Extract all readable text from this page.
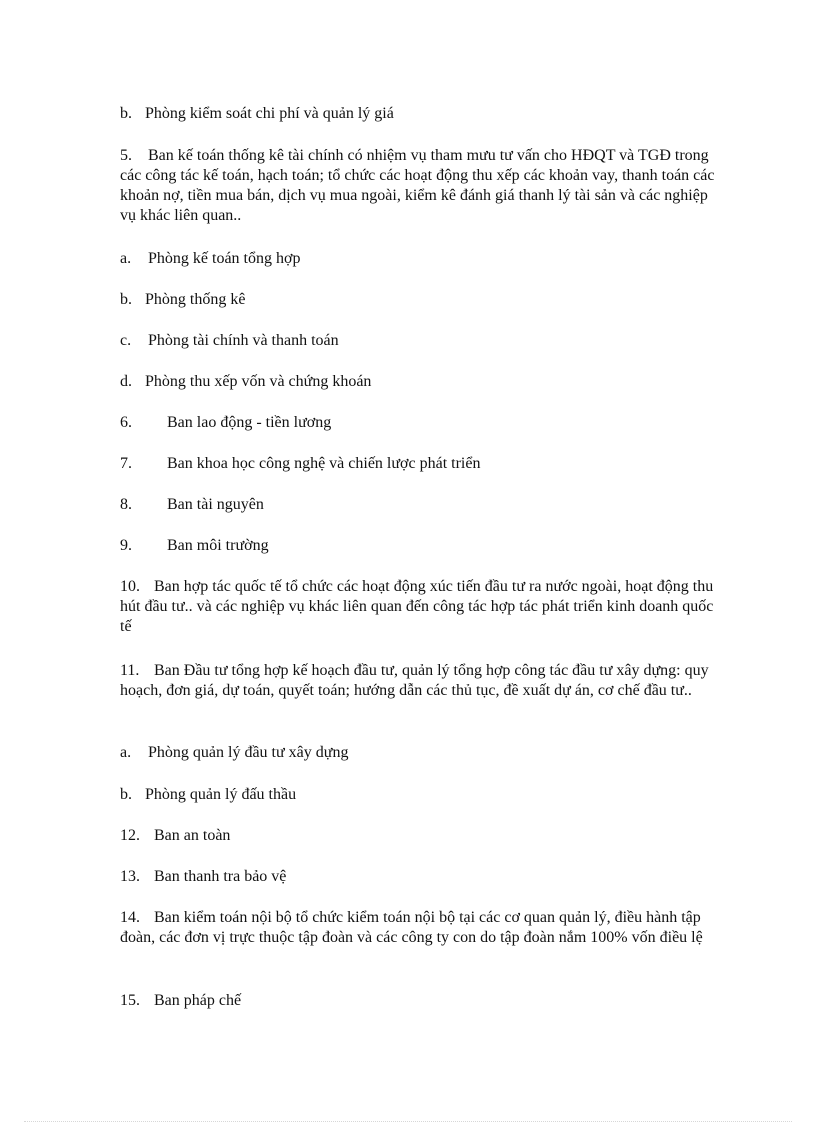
b. Phòng kiểm soát chi phí và quản lý giá

5. Ban kế toán thống kê tài chính có nhiệm vụ tham mưu tư vấn cho HĐQT và TGĐ trong các công tác kế toán, hạch toán; tổ chức các hoạt động thu xếp các khoản vay, thanh toán các khoản nợ, tiền mua bán, dịch vụ mua ngoài, kiểm kê đánh giá thanh lý tài sản và các nghiệp vụ khác liên quan..

a. Phòng kế toán tổng hợp

b. Phòng thống kê

c. Phòng tài chính và thanh toán

d. Phòng thu xếp vốn và chứng khoán

6. Ban lao động - tiền lương

7. Ban khoa học công nghệ và chiến lược phát triển

8. Ban tài nguyên

9. Ban môi trường

10. Ban hợp tác quốc tế tổ chức các hoạt động xúc tiến đầu tư ra nước ngoài, hoạt động thu hút đầu tư.. và các nghiệp vụ khác liên quan đến công tác hợp tác phát triển kinh doanh quốc tế

11. Ban Đầu tư tổng hợp kế hoạch đầu tư, quản lý tổng hợp công tác đầu tư xây dựng: quy hoạch, đơn giá, dự toán, quyết toán; hướng dẫn các thủ tục, đề xuất dự án, cơ chế đầu tư..

a. Phòng quản lý đầu tư xây dựng

b. Phòng quản lý đấu thầu

12. Ban an toàn

13. Ban thanh tra bảo vệ

14. Ban kiểm toán nội bộ tổ chức kiểm toán nội bộ tại các cơ quan quản lý, điều hành tập đoàn, các đơn vị trực thuộc tập đoàn và các công ty con do tập đoàn nắm 100% vốn điều lệ

15. Ban pháp chế
